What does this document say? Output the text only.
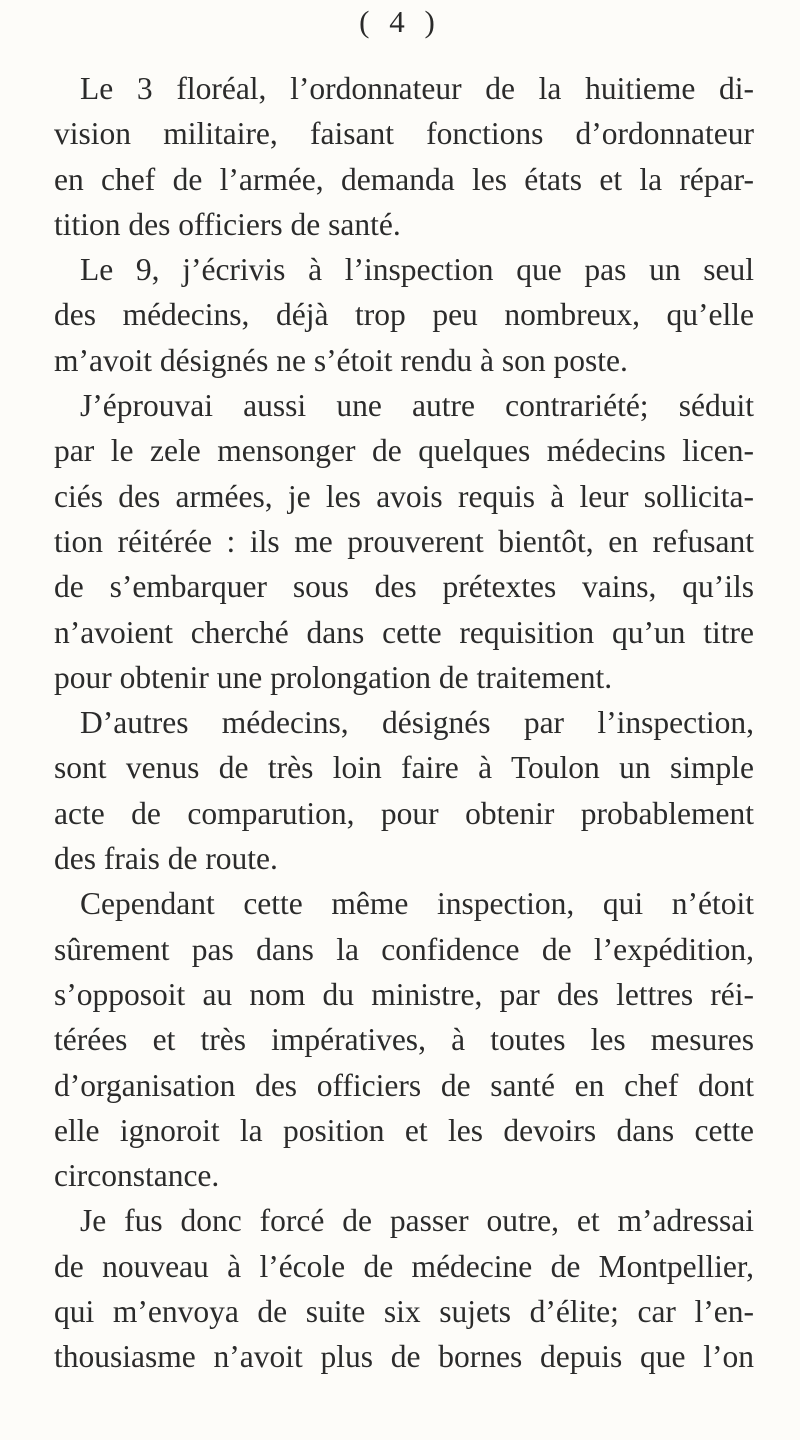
( 4 )
Le 3 floréal, l’ordonnateur de la huitieme di-
vision militaire, faisant fonctions d’ordonnateur
en chef de l’armée, demanda les états et la répar-
tition des officiers de santé.
Le 9, j’écrivis à l’inspection que pas un seul
des médecins, déjà trop peu nombreux, qu’elle
m’avoit désignés ne s’étoit rendu à son poste.
J’éprouvai aussi une autre contrariété; séduit
par le zele mensonger de quelques médecins licen-
ciés des armées, je les avois requis à leur sollicita-
tion réitérée : ils me prouverent bientôt, en refusant
de s’embarquer sous des prétextes vains, qu’ils
n’avoient cherché dans cette requisition qu’un titre
pour obtenir une prolongation de traitement.
D’autres médecins, désignés par l’inspection,
sont venus de très loin faire à Toulon un simple
acte de comparution, pour obtenir probablement
des frais de route.
Cependant cette même inspection, qui n’étoit
sûrement pas dans la confidence de l’expédition,
s’opposoit au nom du ministre, par des lettres réi-
térées et très impératives, à toutes les mesures
d’organisation des officiers de santé en chef dont
elle ignoroit la position et les devoirs dans cette
circonstance.
Je fus donc forcé de passer outre, et m’adressai
de nouveau à l’école de médecine de Montpellier,
qui m’envoya de suite six sujets d’élite; car l’en-
thousiasme n’avoit plus de bornes depuis que l’on
